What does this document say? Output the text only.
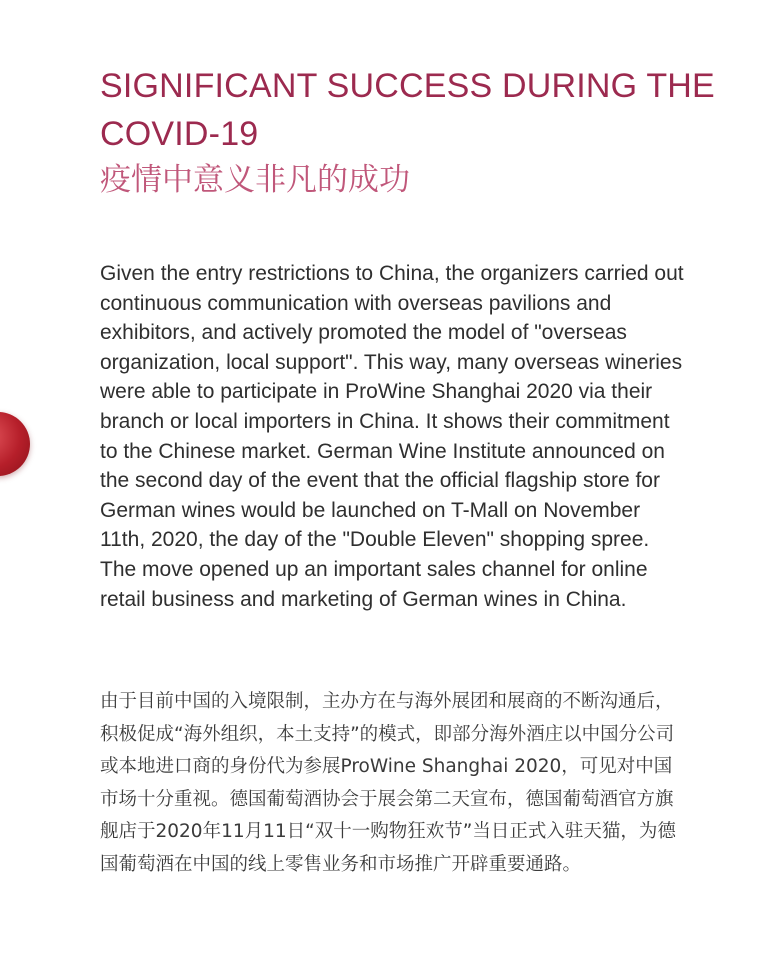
SIGNIFICANT SUCCESS DURING THE COVID-19
疫情中意义非凡的成功

Given the entry restrictions to China, the organizers carried out continuous communication with overseas pavilions and exhibitors, and actively promoted the model of "overseas organization, local support". This way, many overseas wineries were able to participate in ProWine Shanghai 2020 via their branch or local importers in China. It shows their commitment to the Chinese market. German Wine Institute announced on the second day of the event that the official flagship store for German wines would be launched on T-Mall on November 11th, 2020, the day of the "Double Eleven" shopping spree. The move opened up an important sales channel for online retail business and marketing of German wines in China.

由于目前中国的入境限制，主办方在与海外展团和展商的不断沟通后， 积极促成“海外组织，本土支持”的模式，即部分海外酒庄以中国分公司或本地进口商的身份代为参展ProWine Shanghai 2020，可见对中国市场十分重视。德国葡萄酒协会于展会第二天宣布，德国葡萄酒官方旗舰店于2020年11月11日“双十一购物狂欢节”当日正式入驻天猫，为德国葡萄酒在中国的线上零售业务和市场推广开辟重要通路。
